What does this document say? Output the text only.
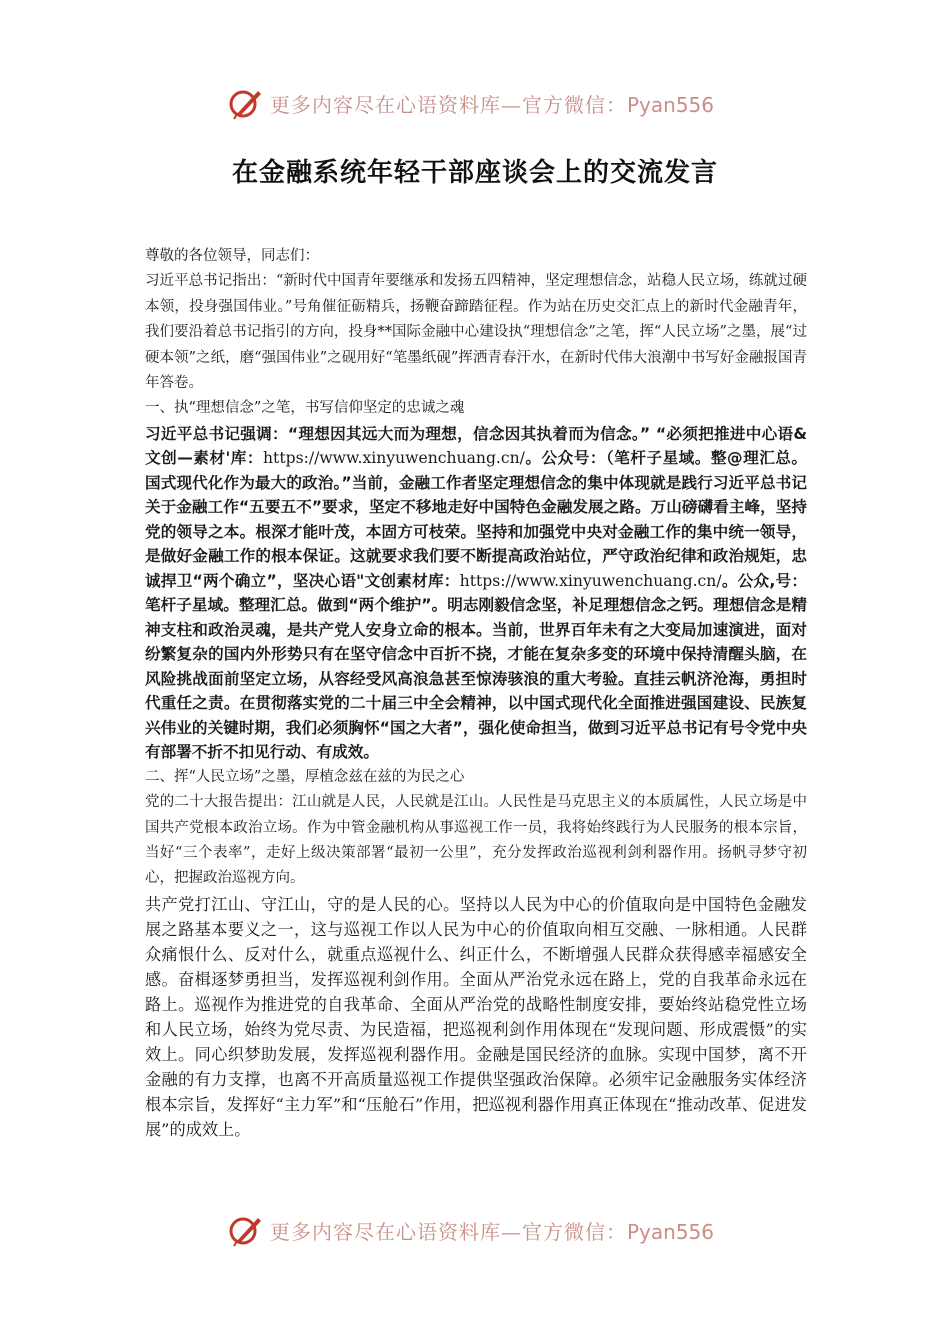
更多内容尽在心语资料库—官方微信：Pyan556
在金融系统年轻干部座谈会上的交流发言

尊敬的各位领导，同志们：

习近平总书记指出：“新时代中国青年要继承和发扬五四精神，坚定理想信念，站稳人民立场，练就过硬本领，投身强国伟业。”号角催征砺精兵，扬鞭奋蹄踏征程。作为站在历史交汇点上的新时代金融青年，我们要沿着总书记指引的方向，投身**国际金融中心建设执“理想信念”之笔，挥“人民立场”之墨，展“过硬本领”之纸，磨“强国伟业”之砚用好“笔墨纸砚”挥洒青春汗水，在新时代伟大浪潮中书写好金融报国青年答卷。

一、执“理想信念”之笔，书写信仰坚定的忠诚之魂

习近平总书记强调：“理想因其远大而为理想，信念因其执着而为信念。” “必须把推进中心语&文创—素材'库：https://www.xinyuwenchuang.cn/。公众号：（笔杆子星域。整@理汇总。国式现代化作为最大的政治。”当前，金融工作者坚定理想信念的集中体现就是践行习近平总书记关于金融工作“五要五不”要求，坚定不移地走好中国特色金融发展之路。万山磅礴看主峰，坚持党的领导之本。根深才能叶茂，本固方可枝荣。坚持和加强党中央对金融工作的集中统一领导，是做好金融工作的根本保证。这就要求我们要不断提高政治站位，严守政治纪律和政治规矩，忠诚捍卫“两个确立”，坚决心语"文创素材库：https://www.xinyuwenchuang.cn/。公众,号：笔杆子星域。整理汇总。做到“两个维护”。明志刚毅信念坚，补足理想信念之钙。理想信念是精神支柱和政治灵魂，是共产党人安身立命的根本。当前，世界百年未有之大变局加速演进，面对纷繁复杂的国内外形势只有在坚守信念中百折不挠，才能在复杂多变的环境中保持清醒头脑，在风险挑战面前坚定立场，从容经受风高浪急甚至惊涛骇浪的重大考验。直挂云帆济沧海，勇担时代重任之责。在贯彻落实党的二十届三中全会精神，以中国式现代化全面推进强国建设、民族复兴伟业的关键时期，我们必须胸怀“国之大者”，强化使命担当，做到习近平总书记有号令党中央有部署不折不扣见行动、有成效。

二、挥“人民立场”之墨，厚植念兹在兹的为民之心

党的二十大报告提出：江山就是人民，人民就是江山。人民性是马克思主义的本质属性，人民立场是中国共产党根本政治立场。作为中管金融机构从事巡视工作一员，我将始终践行为人民服务的根本宗旨，当好“三个表率”，走好上级决策部署“最初一公里”，充分发挥政治巡视利剑利器作用。扬帆寻梦守初心，把握政治巡视方向。

共产党打江山、守江山，守的是人民的心。坚持以人民为中心的价值取向是中国特色金融发展之路基本要义之一，这与巡视工作以人民为中心的价值取向相互交融、一脉相通。人民群众痛恨什么、反对什么，就重点巡视什么、纠正什么，不断增强人民群众获得感幸福感安全感。奋楫逐梦勇担当，发挥巡视利剑作用。全面从严治党永远在路上，党的自我革命永远在路上。巡视作为推进党的自我革命、全面从严治党的战略性制度安排，要始终站稳党性立场和人民立场，始终为党尽责、为民造福，把巡视利剑作用体现在“发现问题、形成震慑”的实效上。同心织梦助发展，发挥巡视利器作用。金融是国民经济的血脉。实现中国梦，离不开金融的有力支撑，也离不开高质量巡视工作提供坚强政治保障。必须牢记金融服务实体经济根本宗旨，发挥好“主力军”和“压舱石”作用，把巡视利器作用真正体现在“推动改革、促进发展”的成效上。

更多内容尽在心语资料库—官方微信：Pyan556
